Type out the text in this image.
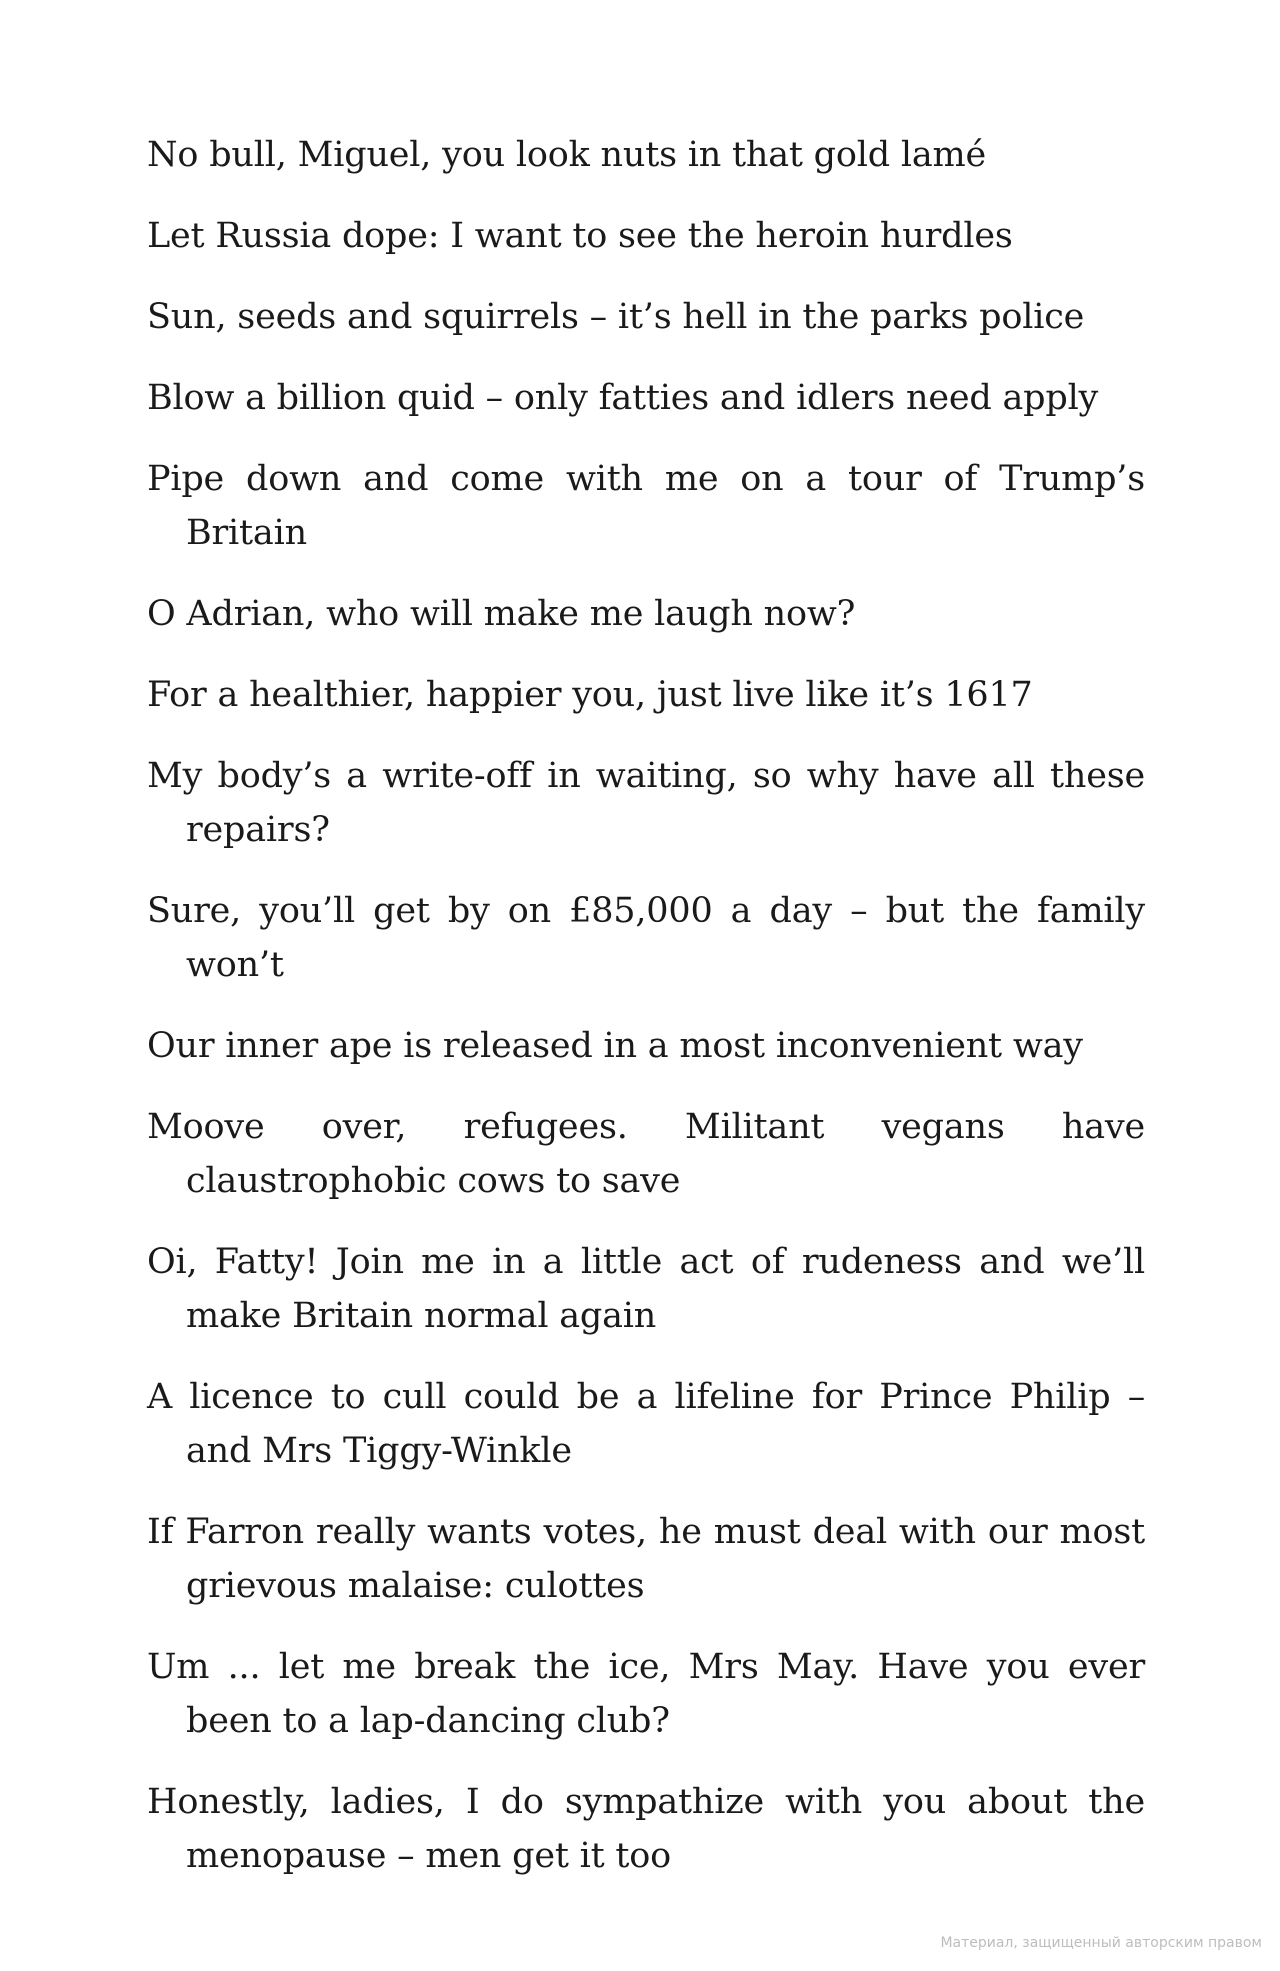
No bull, Miguel, you look nuts in that gold lamé
Let Russia dope: I want to see the heroin hurdles
Sun, seeds and squirrels – it’s hell in the parks police
Blow a billion quid – only fatties and idlers need apply
Pipe down and come with me on a tour of Trump’s Britain
O Adrian, who will make me laugh now?
For a healthier, happier you, just live like it’s 1617
My body’s a write-off in waiting, so why have all these repairs?
Sure, you’ll get by on £85,000 a day – but the family won’t
Our inner ape is released in a most inconvenient way
Moove over, refugees. Militant vegans have claustrophobic cows to save
Oi, Fatty! Join me in a little act of rudeness and we’ll make Britain normal again
A licence to cull could be a lifeline for Prince Philip – and Mrs Tiggy-Winkle
If Farron really wants votes, he must deal with our most grievous malaise: culottes
Um ... let me break the ice, Mrs May. Have you ever been to a lap-dancing club?
Honestly, ladies, I do sympathize with you about the menopause – men get it too
Материал, защищенный авторским правом
